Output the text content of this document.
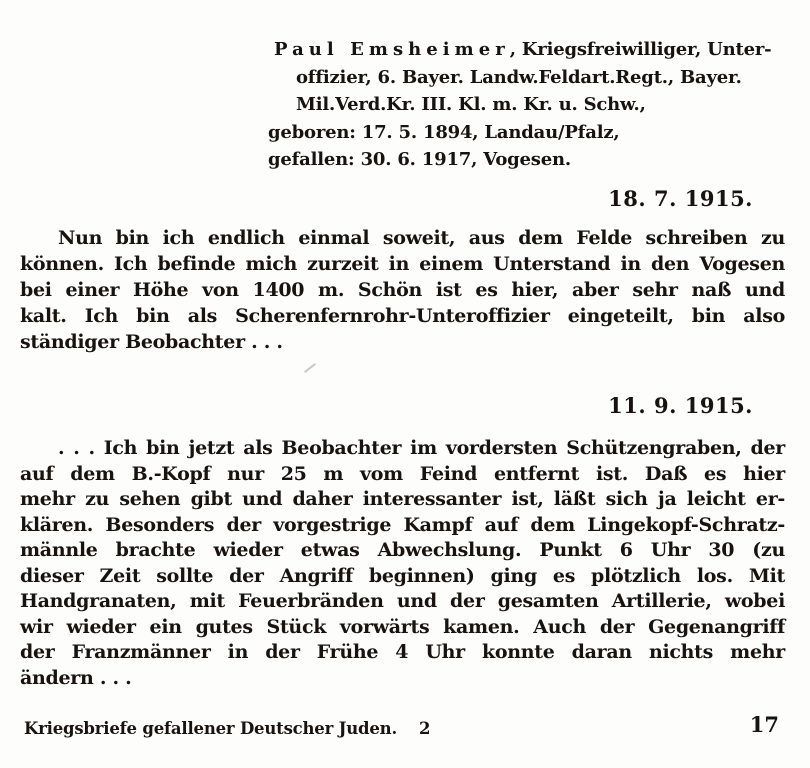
Paul Emsheimer, Kriegsfreiwilliger, Unter-
offizier, 6. Bayer. Landw.Feldart.Regt., Bayer.
Mil.Verd.Kr. III. Kl. m. Kr. u. Schw.,
geboren: 17. 5. 1894, Landau/Pfalz,
gefallen: 30. 6. 1917, Vogesen.
18. 7. 1915.
Nun bin ich endlich einmal soweit, aus dem Felde schreiben zu
können. Ich befinde mich zurzeit in einem Unterstand in den Vogesen
bei einer Höhe von 1400 m. Schön ist es hier, aber sehr naß und
kalt. Ich bin als Scherenfernrohr-Unteroffizier eingeteilt, bin also
ständiger Beobachter . . .
11. 9. 1915.
. . . Ich bin jetzt als Beobachter im vordersten Schützengraben, der
auf dem B.-Kopf nur 25 m vom Feind entfernt ist. Daß es hier
mehr zu sehen gibt und daher interessanter ist, läßt sich ja leicht er-
klären. Besonders der vorgestrige Kampf auf dem Lingekopf-Schratz-
männle brachte wieder etwas Abwechslung. Punkt 6 Uhr 30 (zu
dieser Zeit sollte der Angriff beginnen) ging es plötzlich los. Mit
Handgranaten, mit Feuerbränden und der gesamten Artillerie, wobei
wir wieder ein gutes Stück vorwärts kamen. Auch der Gegenangriff
der Franzmänner in der Frühe 4 Uhr konnte daran nichts mehr
ändern . . .
Kriegsbriefe gefallener Deutscher Juden. 2	17
